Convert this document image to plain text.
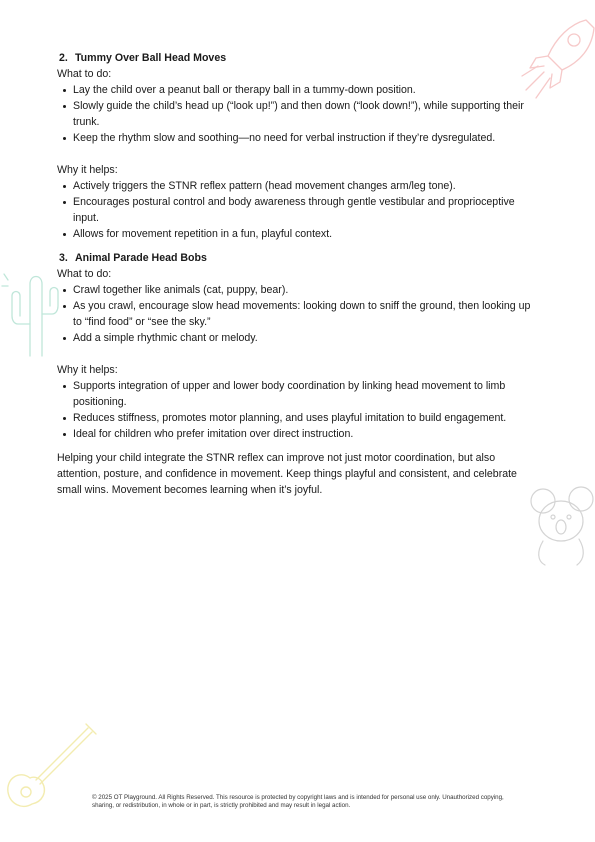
2. Tummy Over Ball Head Moves

What to do:

Lay the child over a peanut ball or therapy ball in a tummy-down position.
Slowly guide the child’s head up (“look up!”) and then down (“look down!”), while supporting their trunk.
Keep the rhythm slow and soothing—no need for verbal instruction if they’re dysregulated.

Why it helps:

Actively triggers the STNR reflex pattern (head movement changes arm/leg tone).
Encourages postural control and body awareness through gentle vestibular and proprioceptive input.
Allows for movement repetition in a fun, playful context.

3. Animal Parade Head Bobs

What to do:

Crawl together like animals (cat, puppy, bear).
As you crawl, encourage slow head movements: looking down to sniff the ground, then looking up to “find food” or “see the sky.”
Add a simple rhythmic chant or melody.

Why it helps:

Supports integration of upper and lower body coordination by linking head movement to limb positioning.
Reduces stiffness, promotes motor planning, and uses playful imitation to build engagement.
Ideal for children who prefer imitation over direct instruction.

Helping your child integrate the STNR reflex can improve not just motor coordination, but also attention, posture, and confidence in movement. Keep things playful and consistent, and celebrate small wins. Movement becomes learning when it’s joyful.

© 2025 OT Playground. All Rights Reserved. This resource is protected by copyright laws and is intended for personal use only. Unauthorized copying, sharing, or redistribution, in whole or in part, is strictly prohibited and may result in legal action.
